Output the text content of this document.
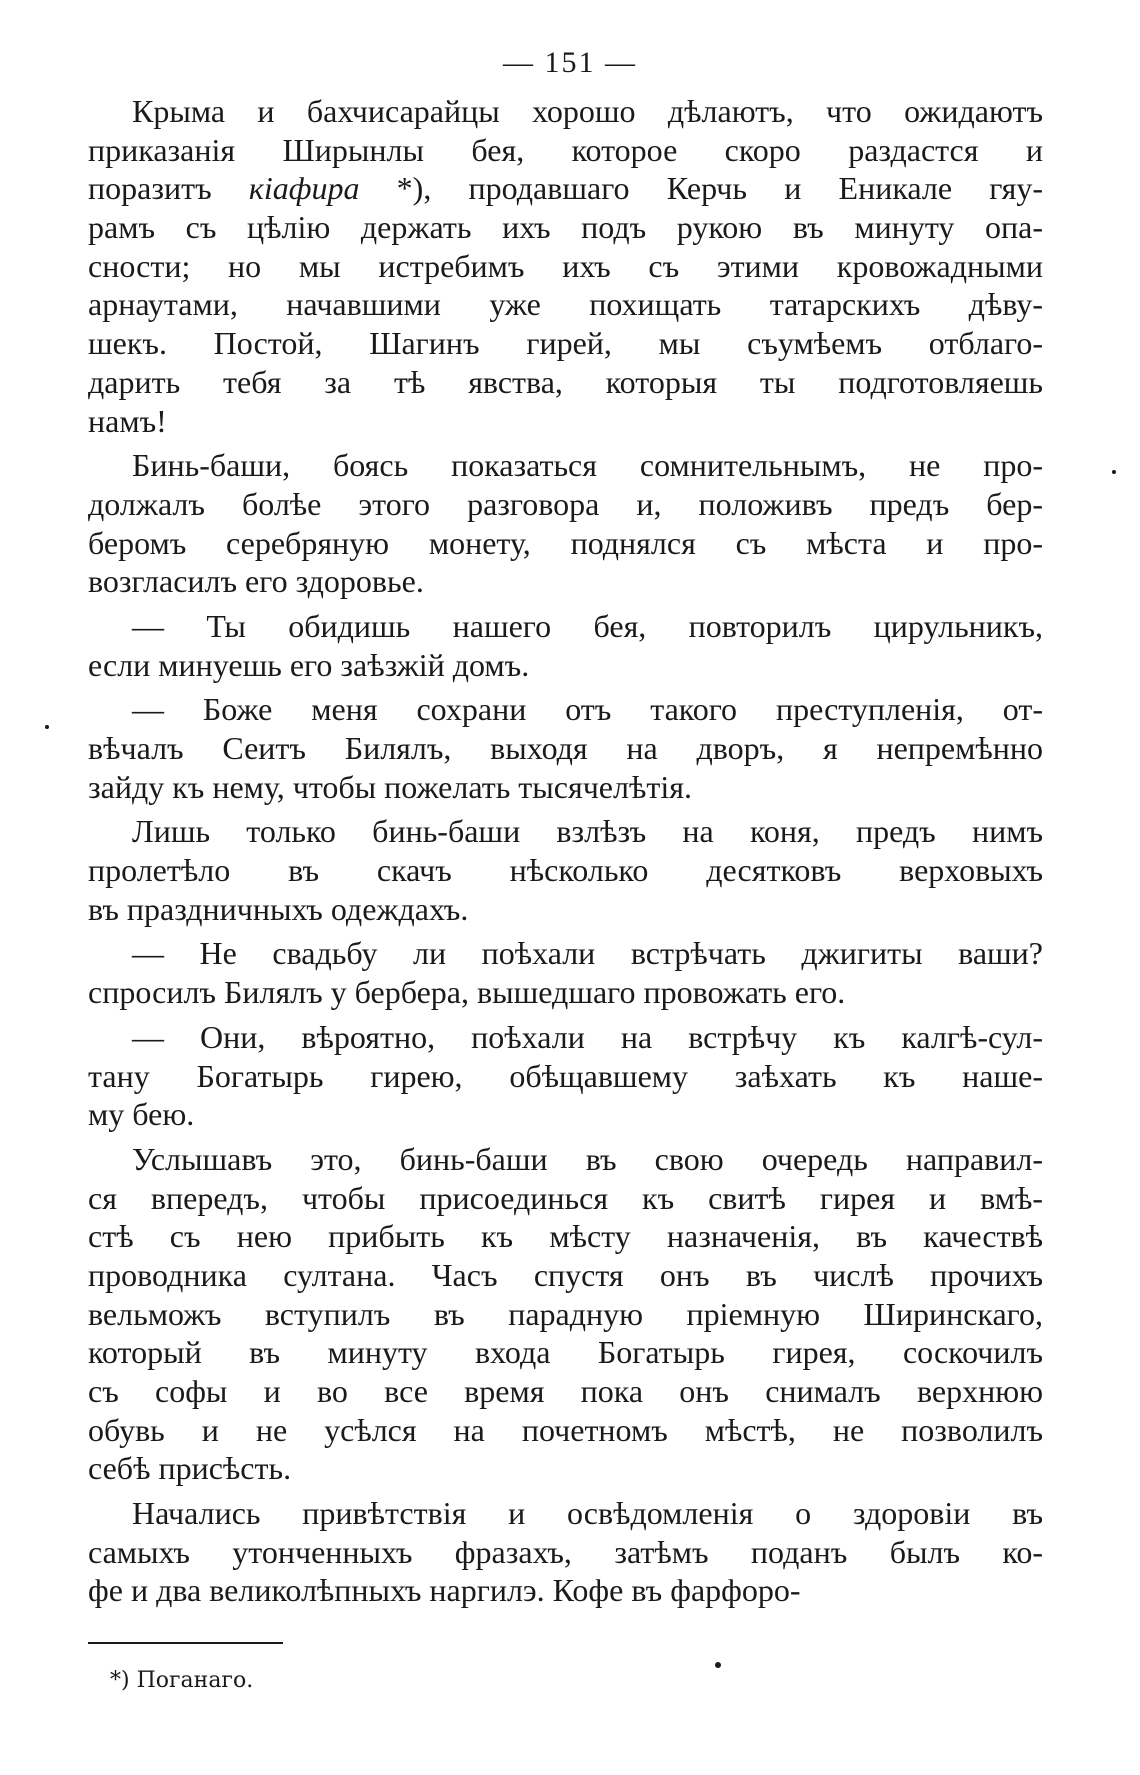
— 151 —
Крыма и бахчисарайцы хорошо дѣлаютъ, что ожидаютъ
приказанія Ширынлы бея, которое скоро раздастся и
поразитъ кіафира *), продавшаго Керчь и Еникале гяу-
рамъ съ цѣлію держать ихъ подъ рукою въ минуту опа-
сности; но мы истребимъ ихъ съ этими кровожадными
арнаутами, начавшими уже похищать татарскихъ дѣву-
шекъ. Постой, Шагинъ гирей, мы съумѣемъ отблаго-
дарить тебя за тѣ явства, которыя ты подготовляешь
намъ!
Бинь-баши, боясь показаться сомнительнымъ, не про-
должалъ болѣе этого разговора и, положивъ предъ бер-
беромъ серебряную монету, поднялся съ мѣста и про-
возгласилъ его здоровье.
— Ты обидишь нашего бея, повторилъ цирульникъ,
если минуешь его заѣзжій домъ.
— Боже меня сохрани отъ такого преступленія, от-
вѣчалъ Сеитъ Билялъ, выходя на дворъ, я непремѣнно
зайду къ нему, чтобы пожелать тысячелѣтія.
Лишь только бинь-баши взлѣзъ на коня, предъ нимъ
пролетѣло въ скачъ нѣсколько десятковъ верховыхъ
въ праздничныхъ одеждахъ.
— Не свадьбу ли поѣхали встрѣчать джигиты ваши?
спросилъ Билялъ у бербера, вышедшаго провожать его.
— Они, вѣроятно, поѣхали на встрѣчу къ калгѣ-сул-
тану Богатырь гирею, обѣщавшему заѣхать къ нашe-
му бею.
Услышавъ это, бинь-баши въ свою очередь направил-
ся впередъ, чтобы присоединься къ свитѣ гирея и вмѣ-
стѣ съ нею прибыть къ мѣсту назначенія, въ качествѣ
проводника султана. Часъ спустя онъ въ числѣ прочихъ
вельможъ вступилъ въ парадную пріемную Ширинскаго,
который въ минуту входа Богатырь гирея, соскочилъ
съ софы и во все время пока онъ снималъ верхнюю
обувь и не усѣлся на почетномъ мѣстѣ, не позволилъ
себѣ присѣсть.
Начались привѣтствія и освѣдомленія о здоровіи въ
самыхъ утонченныхъ фразахъ, затѣмъ поданъ былъ ко-
фе и два великолѣпныхъ наргилэ. Кофе въ фарфоро-
*) Поганаго.
